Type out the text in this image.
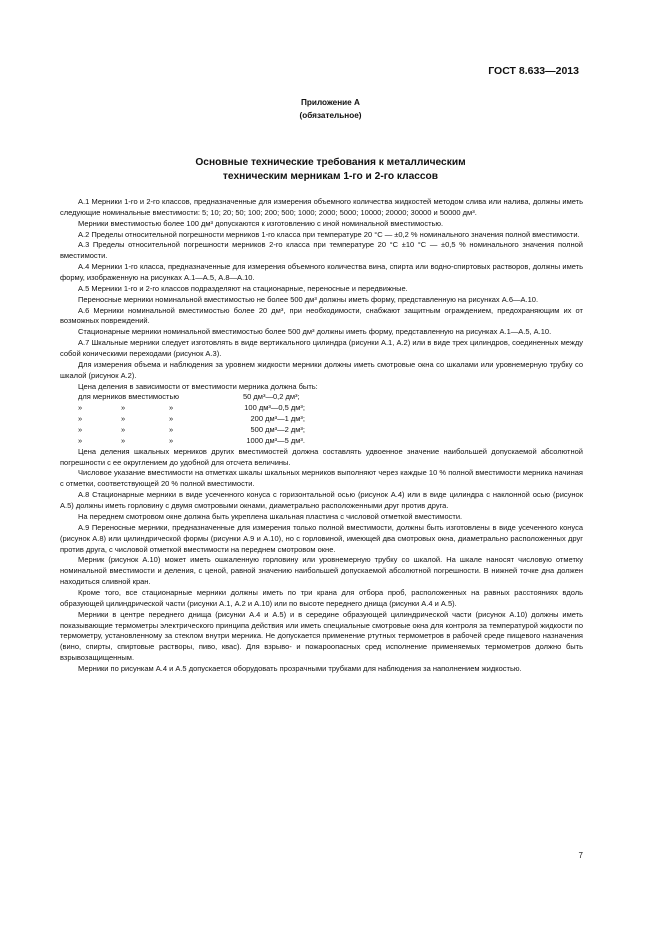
ГОСТ 8.633—2013
Приложение А
(обязательное)
Основные технические требования к металлическим
техническим мерникам 1-го и 2-го классов

А.1 Мерники 1-го и 2-го классов, предназначенные для измерения объемного количества жидкостей методом слива или налива, должны иметь следующие номинальные вместимости: 5; 10; 20; 50; 100; 200; 500; 1000; 2000; 5000; 10000; 20000; 30000 и 50000 дм³.

Мерники вместимостью более 100 дм³ допускаются к изготовлению с иной номинальной вместимостью.

А.2 Пределы относительной погрешности мерников 1-го класса при температуре 20 °С — ±0,2 % номинального значения полной вместимости.

А.3 Пределы относительной погрешности мерников 2-го класса при температуре 20 °С ±10 °С — ±0,5 % номинального значения полной вместимости.

А.4 Мерники 1-го класса, предназначенные для измерения объемного количества вина, спирта или водно-спиртовых растворов, должны иметь форму, изображенную на рисунках А.1—А.5, А.8—А.10.

А.5 Мерники 1-го и 2-го классов подразделяют на стационарные, переносные и передвижные.

Переносные мерники номинальной вместимостью не более 500 дм³ должны иметь форму, представленную на рисунках А.6—А.10.

А.6 Мерники номинальной вместимостью более 20 дм³, при необходимости, снабжают защитным ограждением, предохраняющим их от возможных повреждений.

Стационарные мерники номинальной вместимостью более 500 дм³ должны иметь форму, представленную на рисунках А.1—А.5, А.10.

А.7 Шкальные мерники следует изготовлять в виде вертикального цилиндра (рисунки А.1, А.2) или в виде трех цилиндров, соединенных между собой коническими переходами (рисунок А.3).

Для измерения объема и наблюдения за уровнем жидкости мерники должны иметь смотровые окна со шкалами или уровнемерную трубку со шкалой (рисунок А.2).

Цена деления в зависимости от вместимости мерника должна быть:

для мерников вместимостью	50 дм³—0,2 дм³;
»	»	»	100 дм³—0,5 дм³;
»	»	»	200 дм³—1 дм³;
»	»	»	500 дм³—2 дм³;
»	»	»	1000 дм³—5 дм³.

Цена деления шкальных мерников других вместимостей должна составлять удвоенное значение наибольшей допускаемой абсолютной погрешности с ее округлением до удобной для отсчета величины.

Числовое указание вместимости на отметках шкалы шкальных мерников выполняют через каждые 10 % полной вместимости мерника начиная с отметки, соответствующей 20 % полной вместимости.

А.8 Стационарные мерники в виде усеченного конуса с горизонтальной осью (рисунок А.4) или в виде цилиндра с наклонной осью (рисунок А.5) должны иметь горловину с двумя смотровыми окнами, диаметрально расположенными друг против друга.

На переднем смотровом окне должна быть укреплена шкальная пластина с числовой отметкой вместимости.

А.9 Переносные мерники, предназначенные для измерения только полной вместимости, должны быть изготовлены в виде усеченного конуса (рисунок А.8) или цилиндрической формы (рисунки А.9 и А.10), но с горловиной, имеющей два смотровых окна, диаметрально расположенных друг против друга, с числовой отметкой вместимости на переднем смотровом окне.

Мерник (рисунок А.10) может иметь ошкаленную горловину или уровнемерную трубку со шкалой. На шкале наносят числовую отметку номинальной вместимости и деления, с ценой, равной значению наибольшей допускаемой абсолютной погрешности. В нижней точке дна должен находиться сливной кран.

Кроме того, все стационарные мерники должны иметь по три крана для отбора проб, расположенных на равных расстояниях вдоль образующей цилиндрической части (рисунки А.1, А.2 и А.10) или по высоте переднего днища (рисунки А.4 и А.5).

Мерники в центре переднего днища (рисунки А.4 и А.5) и в середине образующей цилиндрической части (рисунок А.10) должны иметь показывающие термометры электрического принципа действия или иметь специальные смотровые окна для контроля за температурой жидкости по термометру, установленному за стеклом внутри мерника. Не допускается применение ртутных термометров в рабочей среде пищевого назначения (вино, спирты, спиртовые растворы, пиво, квас). Для взрыво- и пожароопасных сред исполнение применяемых термометров должно быть взрывозащищенным.

Мерники по рисункам А.4 и А.5 допускается оборудовать прозрачными трубками для наблюдения за наполнением жидкостью.

7
